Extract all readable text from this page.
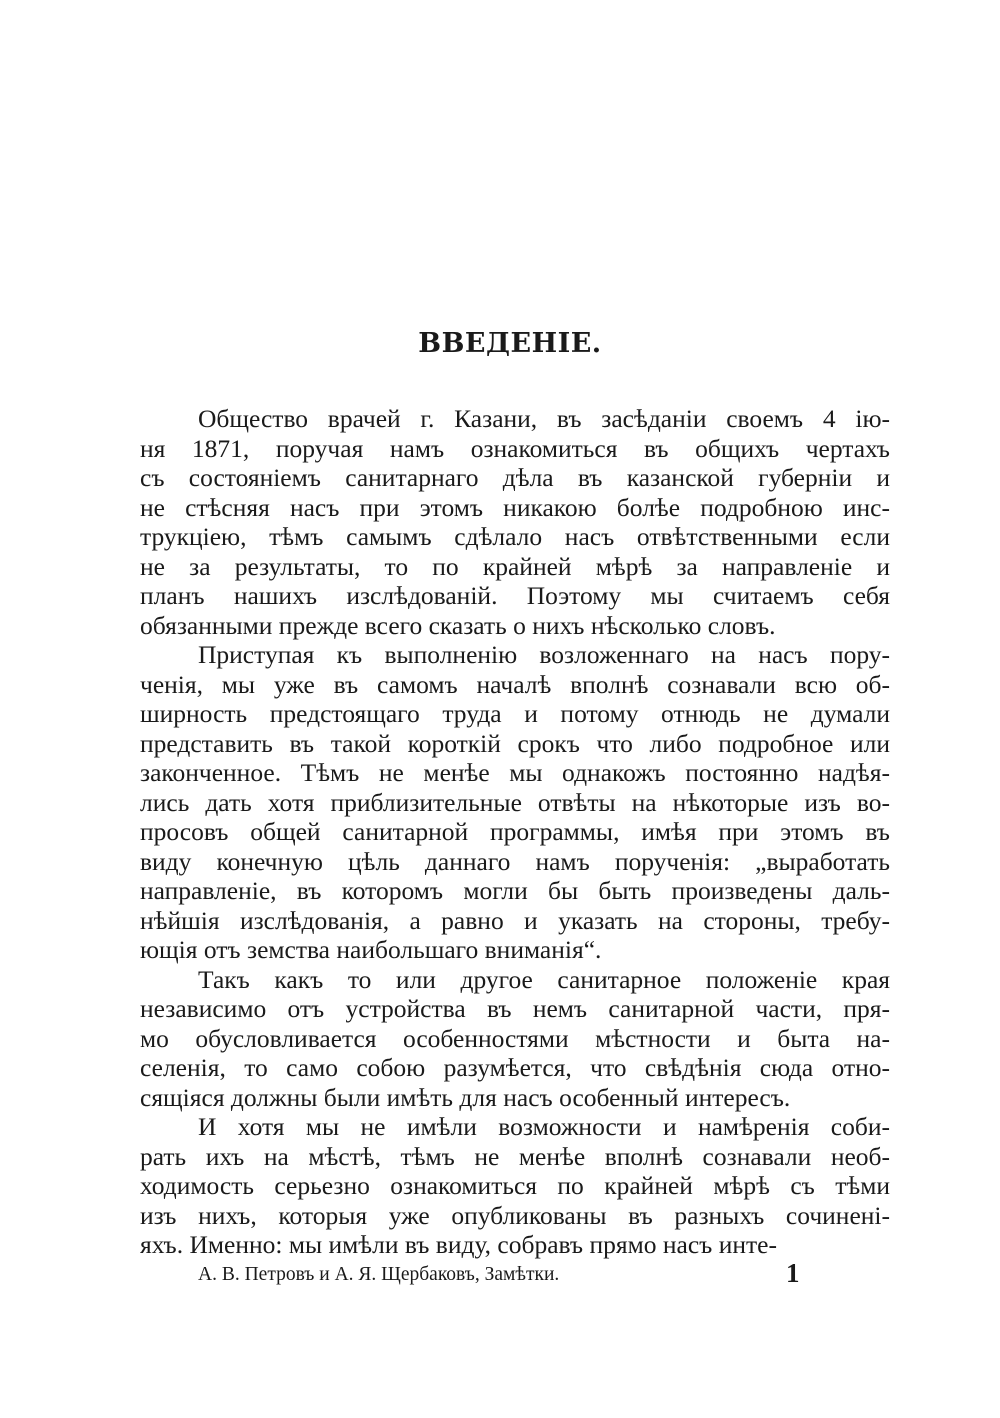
ВВЕДЕНІЕ.
Общество врачей г. Казани, въ засѣданіи своемъ 4 ію-
ня 1871, поручая намъ ознакомиться въ общихъ чертахъ
съ состояніемъ санитарнаго дѣла въ казанской губерніи и
не стѣсняя насъ при этомъ никакою болѣе подробною инс-
трукціею, тѣмъ самымъ сдѣлало насъ отвѣтственными если
не за результаты, то по крайней мѣрѣ за направленіе и
планъ нашихъ изслѣдованій. Поэтому мы считаемъ себя
обязанными прежде всего сказать о нихъ нѣсколько словъ.
Приступая къ выполненію возложеннаго на насъ пору-
ченія, мы уже въ самомъ началѣ вполнѣ сознавали всю об-
ширность предстоящаго труда и потому отнюдь не думали
представить въ такой короткій срокъ что либо подробное или
законченное. Тѣмъ не менѣе мы однакожъ постоянно надѣя-
лись дать хотя приблизительные отвѣты на нѣкоторые изъ во-
просовъ общей санитарной программы, имѣя при этомъ въ
виду конечную цѣль даннаго намъ порученія: „выработать
направленіе, въ которомъ могли бы быть произведены даль-
нѣйшія изслѣдованія, а равно и указать на стороны, требу-
ющія отъ земства наибольшаго вниманія“.
Такъ какъ то или другое санитарное положеніе края
независимо отъ устройства въ немъ санитарной части, пря-
мо обусловливается особенностями мѣстности и быта на-
селенія, то само собою разумѣется, что свѣдѣнія сюда отно-
сящіяся должны были имѣть для насъ особенный интересъ.
И хотя мы не имѣли возможности и намѣренія соби-
рать ихъ на мѣстѣ, тѣмъ не менѣе вполнѣ сознавали необ-
ходимость серьезно ознакомиться по крайней мѣрѣ съ тѣми
изъ нихъ, которыя уже опубликованы въ разныхъ сочиненi-
яхъ. Именно: мы имѣли въ виду, собравъ прямо насъ инте-
А. В. Петровъ и А. Я. Щербаковъ, Замѣтки.	1
